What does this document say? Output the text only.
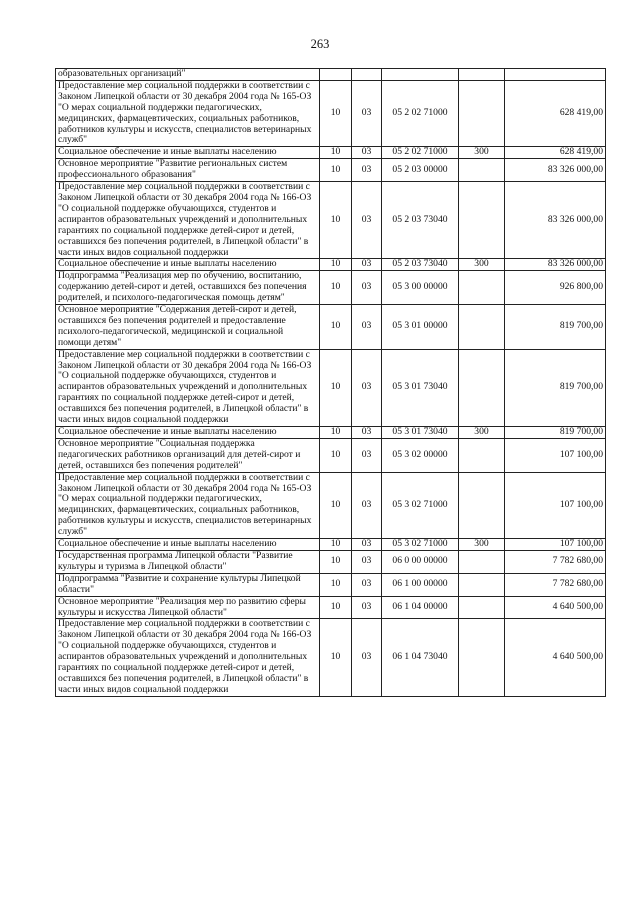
263
образовательных организаций"					
Предоставление мер социальной поддержки в соответствии с Законом Липецкой области от 30 декабря 2004 года № 165-ОЗ "О мерах социальной поддержки педагогических, медицинских, фармацевтических, социальных работников, работников культуры и искусств, специалистов ветеринарных служб"	10	03	05 2 02 71000		628 419,00
Социальное обеспечение и иные выплаты населению	10	03	05 2 02 71000	300	628 419,00
Основное мероприятие "Развитие региональных систем профессионального образования"	10	03	05 2 03 00000		83 326 000,00
Предоставление мер социальной поддержки в соответствии с Законом Липецкой области от 30 декабря 2004 года № 166-ОЗ "О социальной поддержке обучающихся, студентов и аспирантов образовательных учреждений и дополнительных гарантиях по социальной поддержке детей-сирот и детей, оставшихся без попечения родителей, в Липецкой области" в части иных видов социальной поддержки	10	03	05 2 03 73040		83 326 000,00
Социальное обеспечение и иные выплаты населению	10	03	05 2 03 73040	300	83 326 000,00
Подпрограмма "Реализация мер по обучению, воспитанию, содержанию детей-сирот и детей, оставшихся без попечения родителей, и психолого-педагогическая помощь детям"	10	03	05 3 00 00000		926 800,00
Основное мероприятие "Содержания детей-сирот и детей, оставшихся без попечения родителей и предоставление психолого-педагогической, медицинской и социальной помощи детям"	10	03	05 3 01 00000		819 700,00
Предоставление мер социальной поддержки в соответствии с Законом Липецкой области от 30 декабря 2004 года № 166-ОЗ "О социальной поддержке обучающихся, студентов и аспирантов образовательных учреждений и дополнительных гарантиях по социальной поддержке детей-сирот и детей, оставшихся без попечения родителей, в Липецкой области" в части иных видов социальной поддержки	10	03	05 3 01 73040		819 700,00
Социальное обеспечение и иные выплаты населению	10	03	05 3 01 73040	300	819 700,00
Основное мероприятие "Социальная поддержка педагогических работников организаций для детей-сирот и детей, оставшихся без попечения родителей"	10	03	05 3 02 00000		107 100,00
Предоставление мер социальной поддержки в соответствии с Законом Липецкой области от 30 декабря 2004 года № 165-ОЗ "О мерах социальной поддержки педагогических, медицинских, фармацевтических, социальных работников, работников культуры и искусств, специалистов ветеринарных служб"	10	03	05 3 02 71000		107 100,00
Социальное обеспечение и иные выплаты населению	10	03	05 3 02 71000	300	107 100,00
Государственная программа Липецкой области "Развитие культуры и туризма в Липецкой области"	10	03	06 0 00 00000		7 782 680,00
Подпрограмма "Развитие и сохранение культуры Липецкой области"	10	03	06 1 00 00000		7 782 680,00
Основное мероприятие "Реализация мер по развитию сферы культуры и искусства Липецкой области"	10	03	06 1 04 00000		4 640 500,00
Предоставление мер социальной поддержки в соответствии с Законом Липецкой области от 30 декабря 2004 года № 166-ОЗ "О социальной поддержке обучающихся, студентов и аспирантов образовательных учреждений и дополнительных гарантиях по социальной поддержке детей-сирот и детей, оставшихся без попечения родителей, в Липецкой области" в части иных видов социальной поддержки	10	03	06 1 04 73040		4 640 500,00
